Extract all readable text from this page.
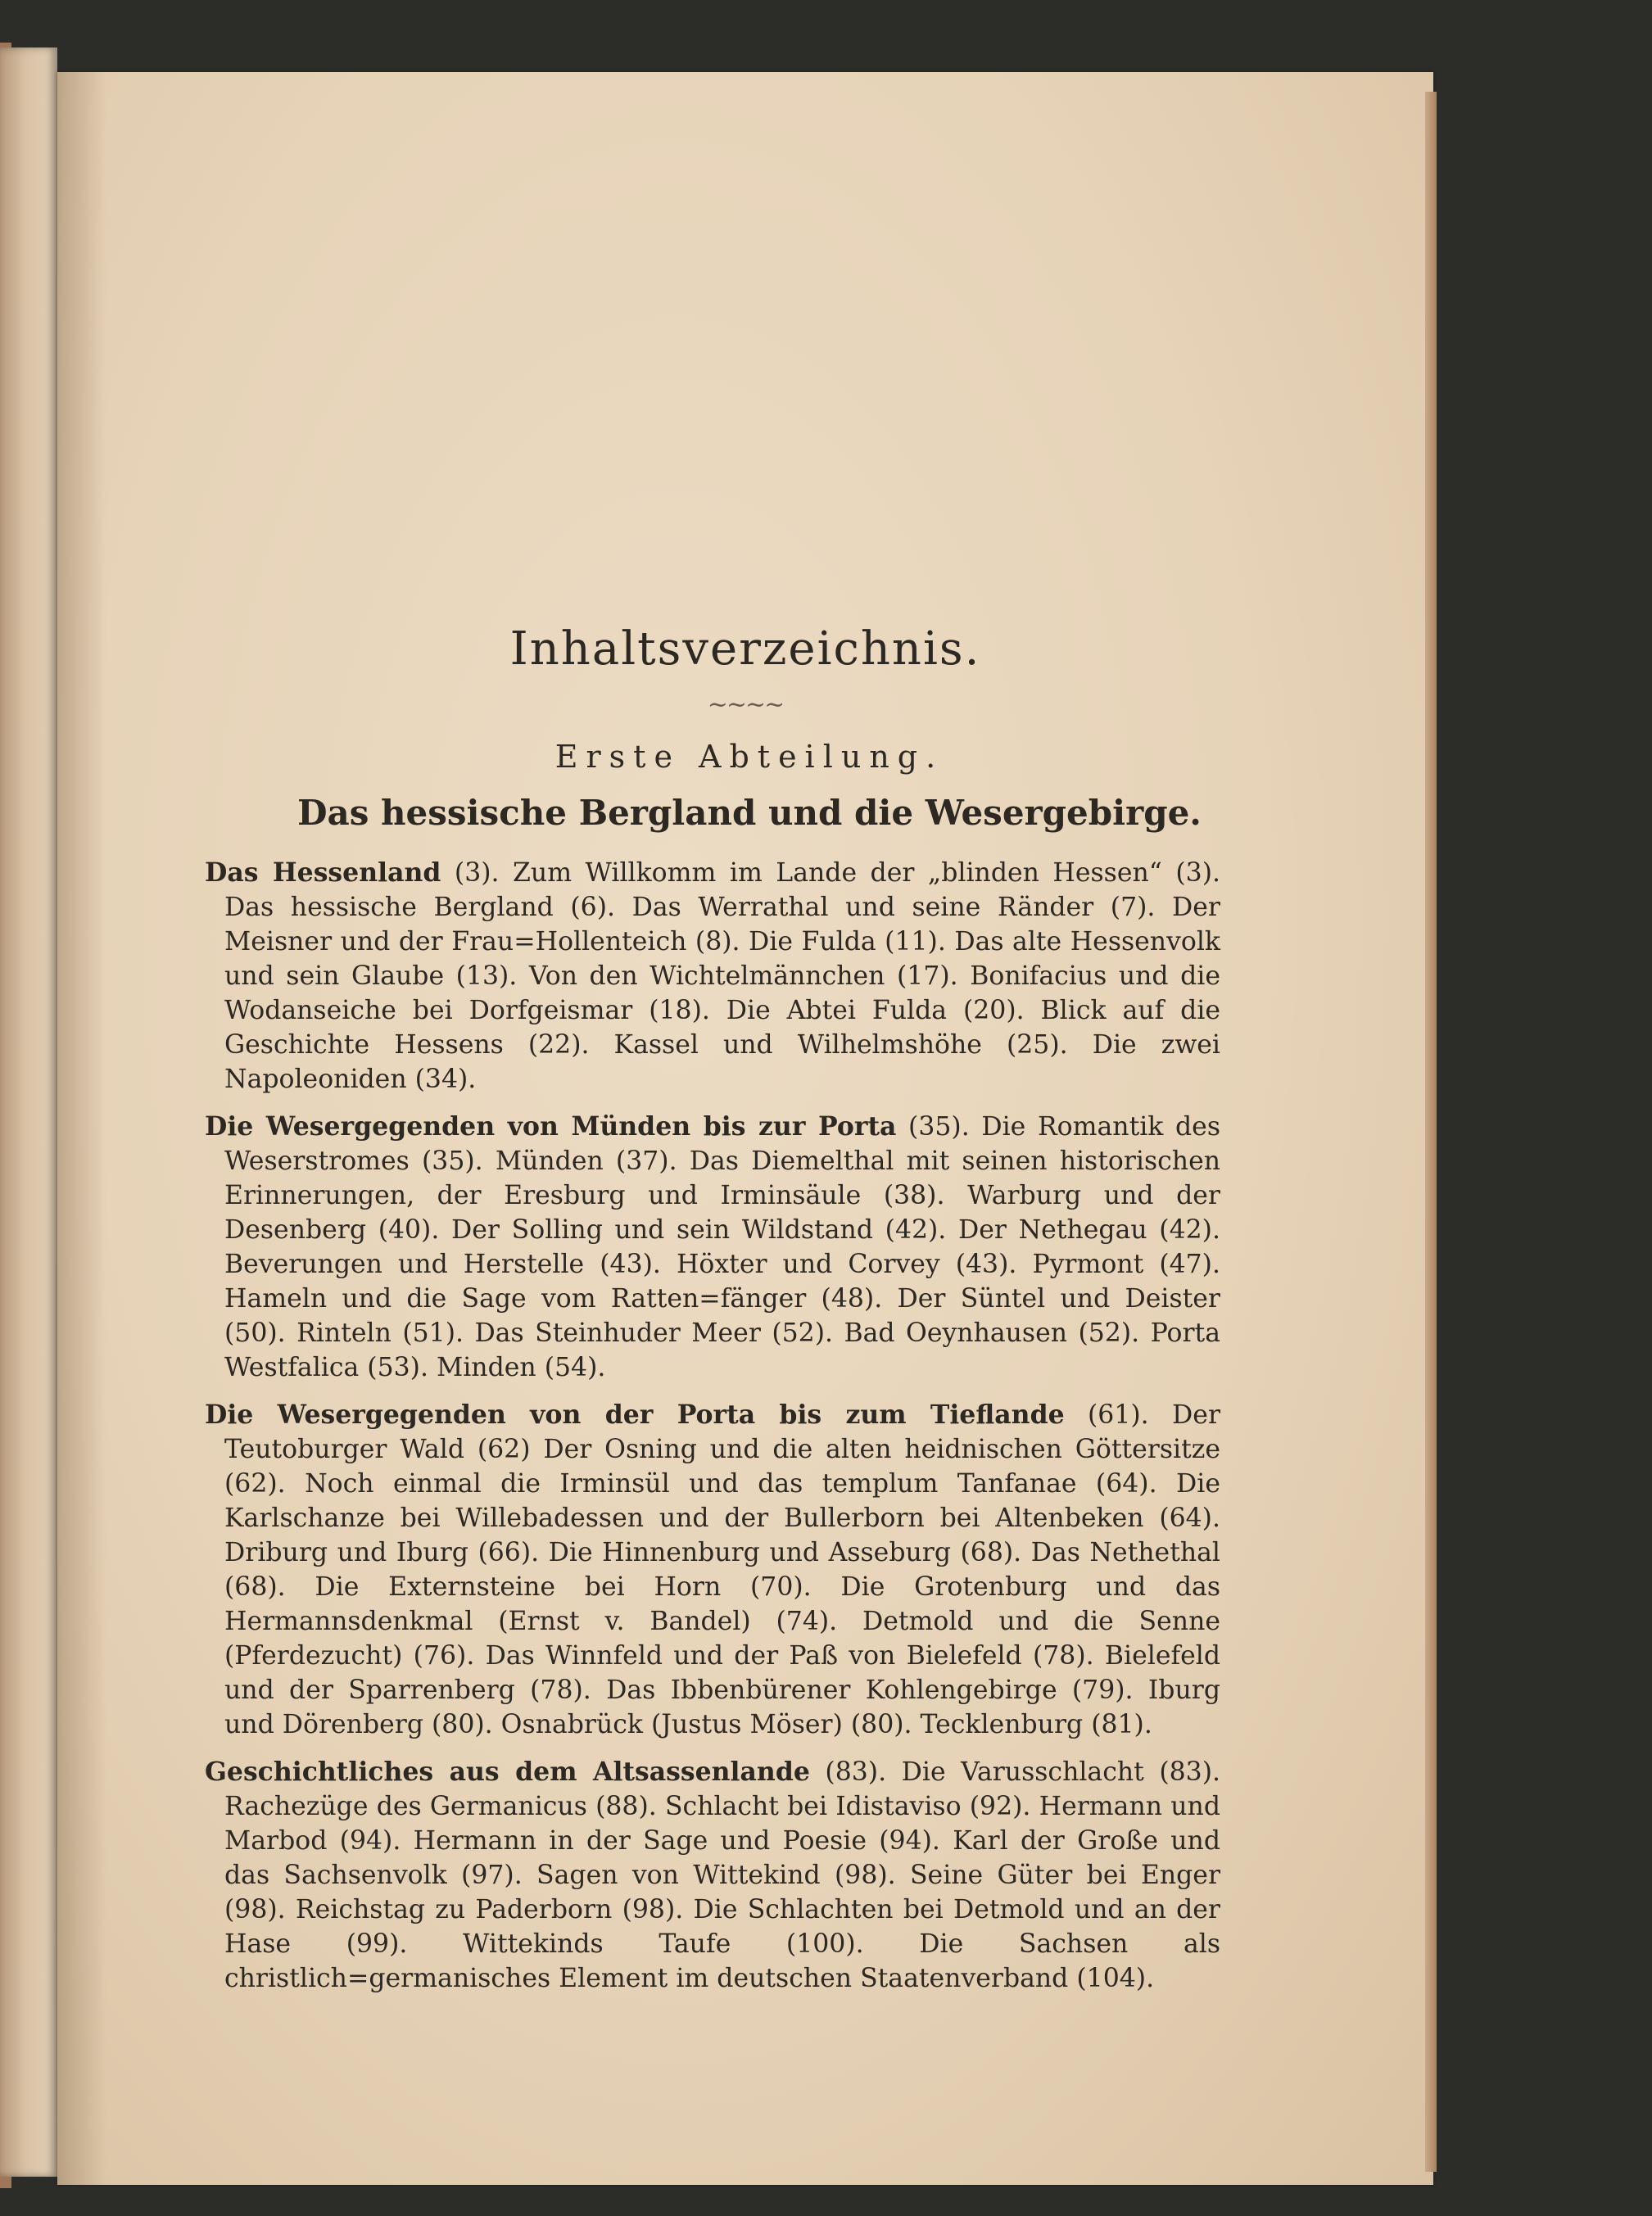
Inhaltsverzeichnis.
~~~~
Erste Abteilung.
Das hessische Bergland und die Wesergebirge.

Das Hessenland (3). Zum Willkomm im Lande der „blinden Hessen“ (3). Das hessische Bergland (6). Das Werrathal und seine Ränder (7). Der Meisner und der Frau=Hollenteich (8). Die Fulda (11). Das alte Hessenvolk und sein Glaube (13). Von den Wichtelmännchen (17). Bonifacius und die Wodanseiche bei Dorfgeismar (18). Die Abtei Fulda (20). Blick auf die Geschichte Hessens (22). Kassel und Wilhelmshöhe (25). Die zwei Napoleoniden (34).

Die Wesergegenden von Münden bis zur Porta (35). Die Romantik des Weserstromes (35). Münden (37). Das Diemelthal mit seinen historischen Erinnerungen, der Eresburg und Irminsäule (38). Warburg und der Desenberg (40). Der Solling und sein Wildstand (42). Der Nethegau (42). Beverungen und Herstelle (43). Höxter und Corvey (43). Pyrmont (47). Hameln und die Sage vom Ratten=fänger (48). Der Süntel und Deister (50). Rinteln (51). Das Steinhuder Meer (52). Bad Oeynhausen (52). Porta Westfalica (53). Minden (54).

Die Wesergegenden von der Porta bis zum Tieflande (61). Der Teutoburger Wald (62) Der Osning und die alten heidnischen Göttersitze (62). Noch einmal die Irminsül und das templum Tanfanae (64). Die Karlschanze bei Willebadessen und der Bullerborn bei Altenbeken (64). Driburg und Iburg (66). Die Hinnenburg und Asseburg (68). Das Nethethal (68). Die Externsteine bei Horn (70). Die Grotenburg und das Hermannsdenkmal (Ernst v. Bandel) (74). Detmold und die Senne (Pferdezucht) (76). Das Winnfeld und der Paß von Bielefeld (78). Bielefeld und der Sparrenberg (78). Das Ibbenbürener Kohlengebirge (79). Iburg und Dörenberg (80). Osnabrück (Justus Möser) (80). Tecklenburg (81).

Geschichtliches aus dem Altsassenlande (83). Die Varusschlacht (83). Rachezüge des Germanicus (88). Schlacht bei Idistaviso (92). Hermann und Marbod (94). Hermann in der Sage und Poesie (94). Karl der Große und das Sachsenvolk (97). Sagen von Wittekind (98). Seine Güter bei Enger (98). Reichstag zu Paderborn (98). Die Schlachten bei Detmold und an der Hase (99). Wittekinds Taufe (100). Die Sachsen als christlich=germanisches Element im deutschen Staatenverband (104).
